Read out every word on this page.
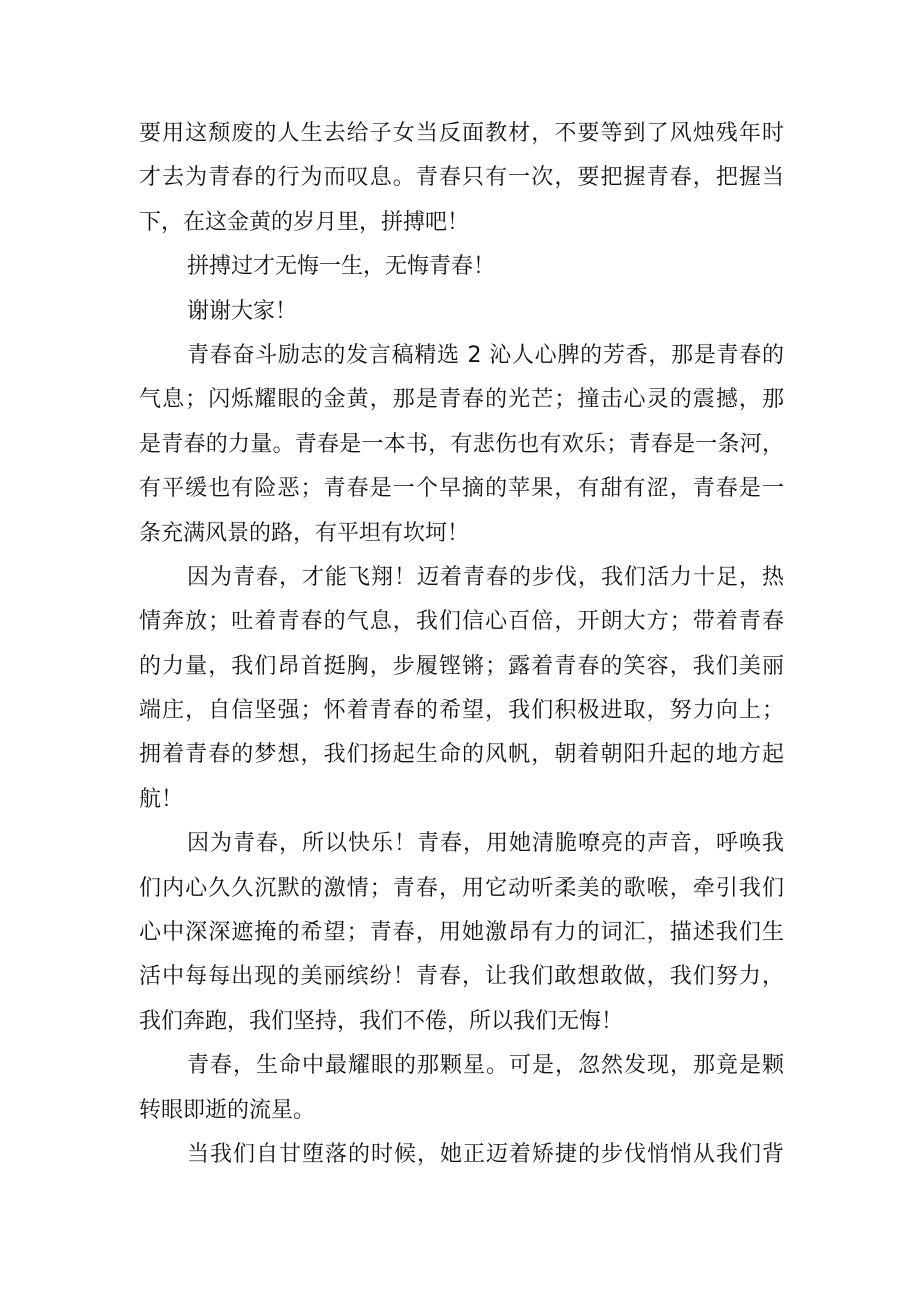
要用这颓废的人生去给子女当反面教材，不要等到了风烛残年时
才去为青春的行为而叹息。青春只有一次，要把握青春，把握当
下，在这金黄的岁月里，拼搏吧！
拼搏过才无悔一生，无悔青春！
谢谢大家！
青春奋斗励志的发言稿精选 2 沁人心脾的芳香，那是青春的
气息；闪烁耀眼的金黄，那是青春的光芒；撞击心灵的震撼，那
是青春的力量。青春是一本书，有悲伤也有欢乐；青春是一条河，
有平缓也有险恶；青春是一个早摘的苹果，有甜有涩，青春是一
条充满风景的路，有平坦有坎坷！
因为青春，才能飞翔！迈着青春的步伐，我们活力十足，热
情奔放；吐着青春的气息，我们信心百倍，开朗大方；带着青春
的力量，我们昂首挺胸，步履铿锵；露着青春的笑容，我们美丽
端庄，自信坚强；怀着青春的希望，我们积极进取，努力向上；
拥着青春的梦想，我们扬起生命的风帆，朝着朝阳升起的地方起
航！
因为青春，所以快乐！青春，用她清脆嘹亮的声音，呼唤我
们内心久久沉默的激情；青春，用它动听柔美的歌喉，牵引我们
心中深深遮掩的希望；青春，用她激昂有力的词汇，描述我们生
活中每每出现的美丽缤纷！青春，让我们敢想敢做，我们努力，
我们奔跑，我们坚持，我们不倦，所以我们无悔！
青春，生命中最耀眼的那颗星。可是，忽然发现，那竟是颗
转眼即逝的流星。
当我们自甘堕落的时候，她正迈着矫捷的步伐悄悄从我们背
